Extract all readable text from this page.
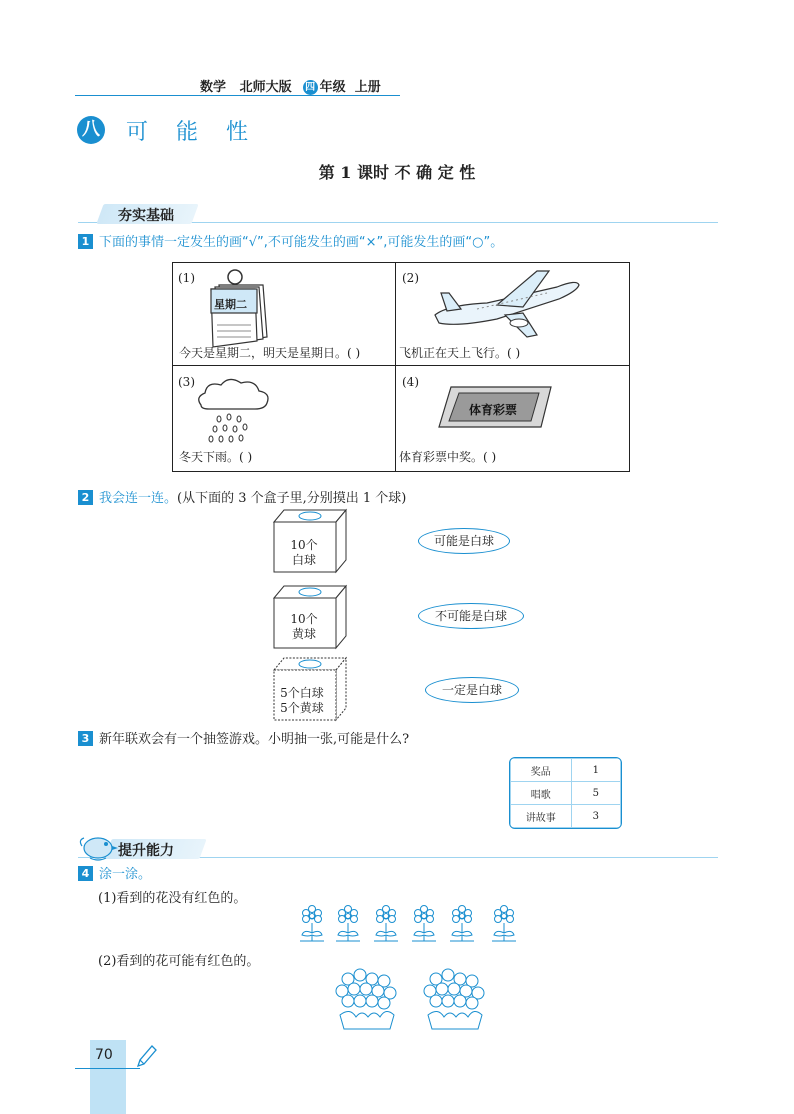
数学 北师大版 四 年级 上册
八 可能性
第 1 课时 不 确 定 性
夯实基础
1 下面的事情一定发生的画“√”,不可能发生的画“×”,可能发生的画“○”。
(1)
星期二
今天是星期二，明天是星期日。( )
(2)
飞机正在天上飞行。( )
(3)
冬天下雨。( )
(4)
体育彩票
体育彩票中奖。( )
2 我会连一连。(从下面的 3 个盒子里,分别摸出 1 个球)
10个
白球
10个
黄球
5个白球
5个黄球
可能是白球
不可能是白球
一定是白球
3 新年联欢会有一个抽签游戏。小明抽一张,可能是什么?
奖品	1
唱歌	5
讲故事	3
提升能力
4 涂一涂。
(1)看到的花没有红色的。
(2)看到的花可能有红色的。
70
